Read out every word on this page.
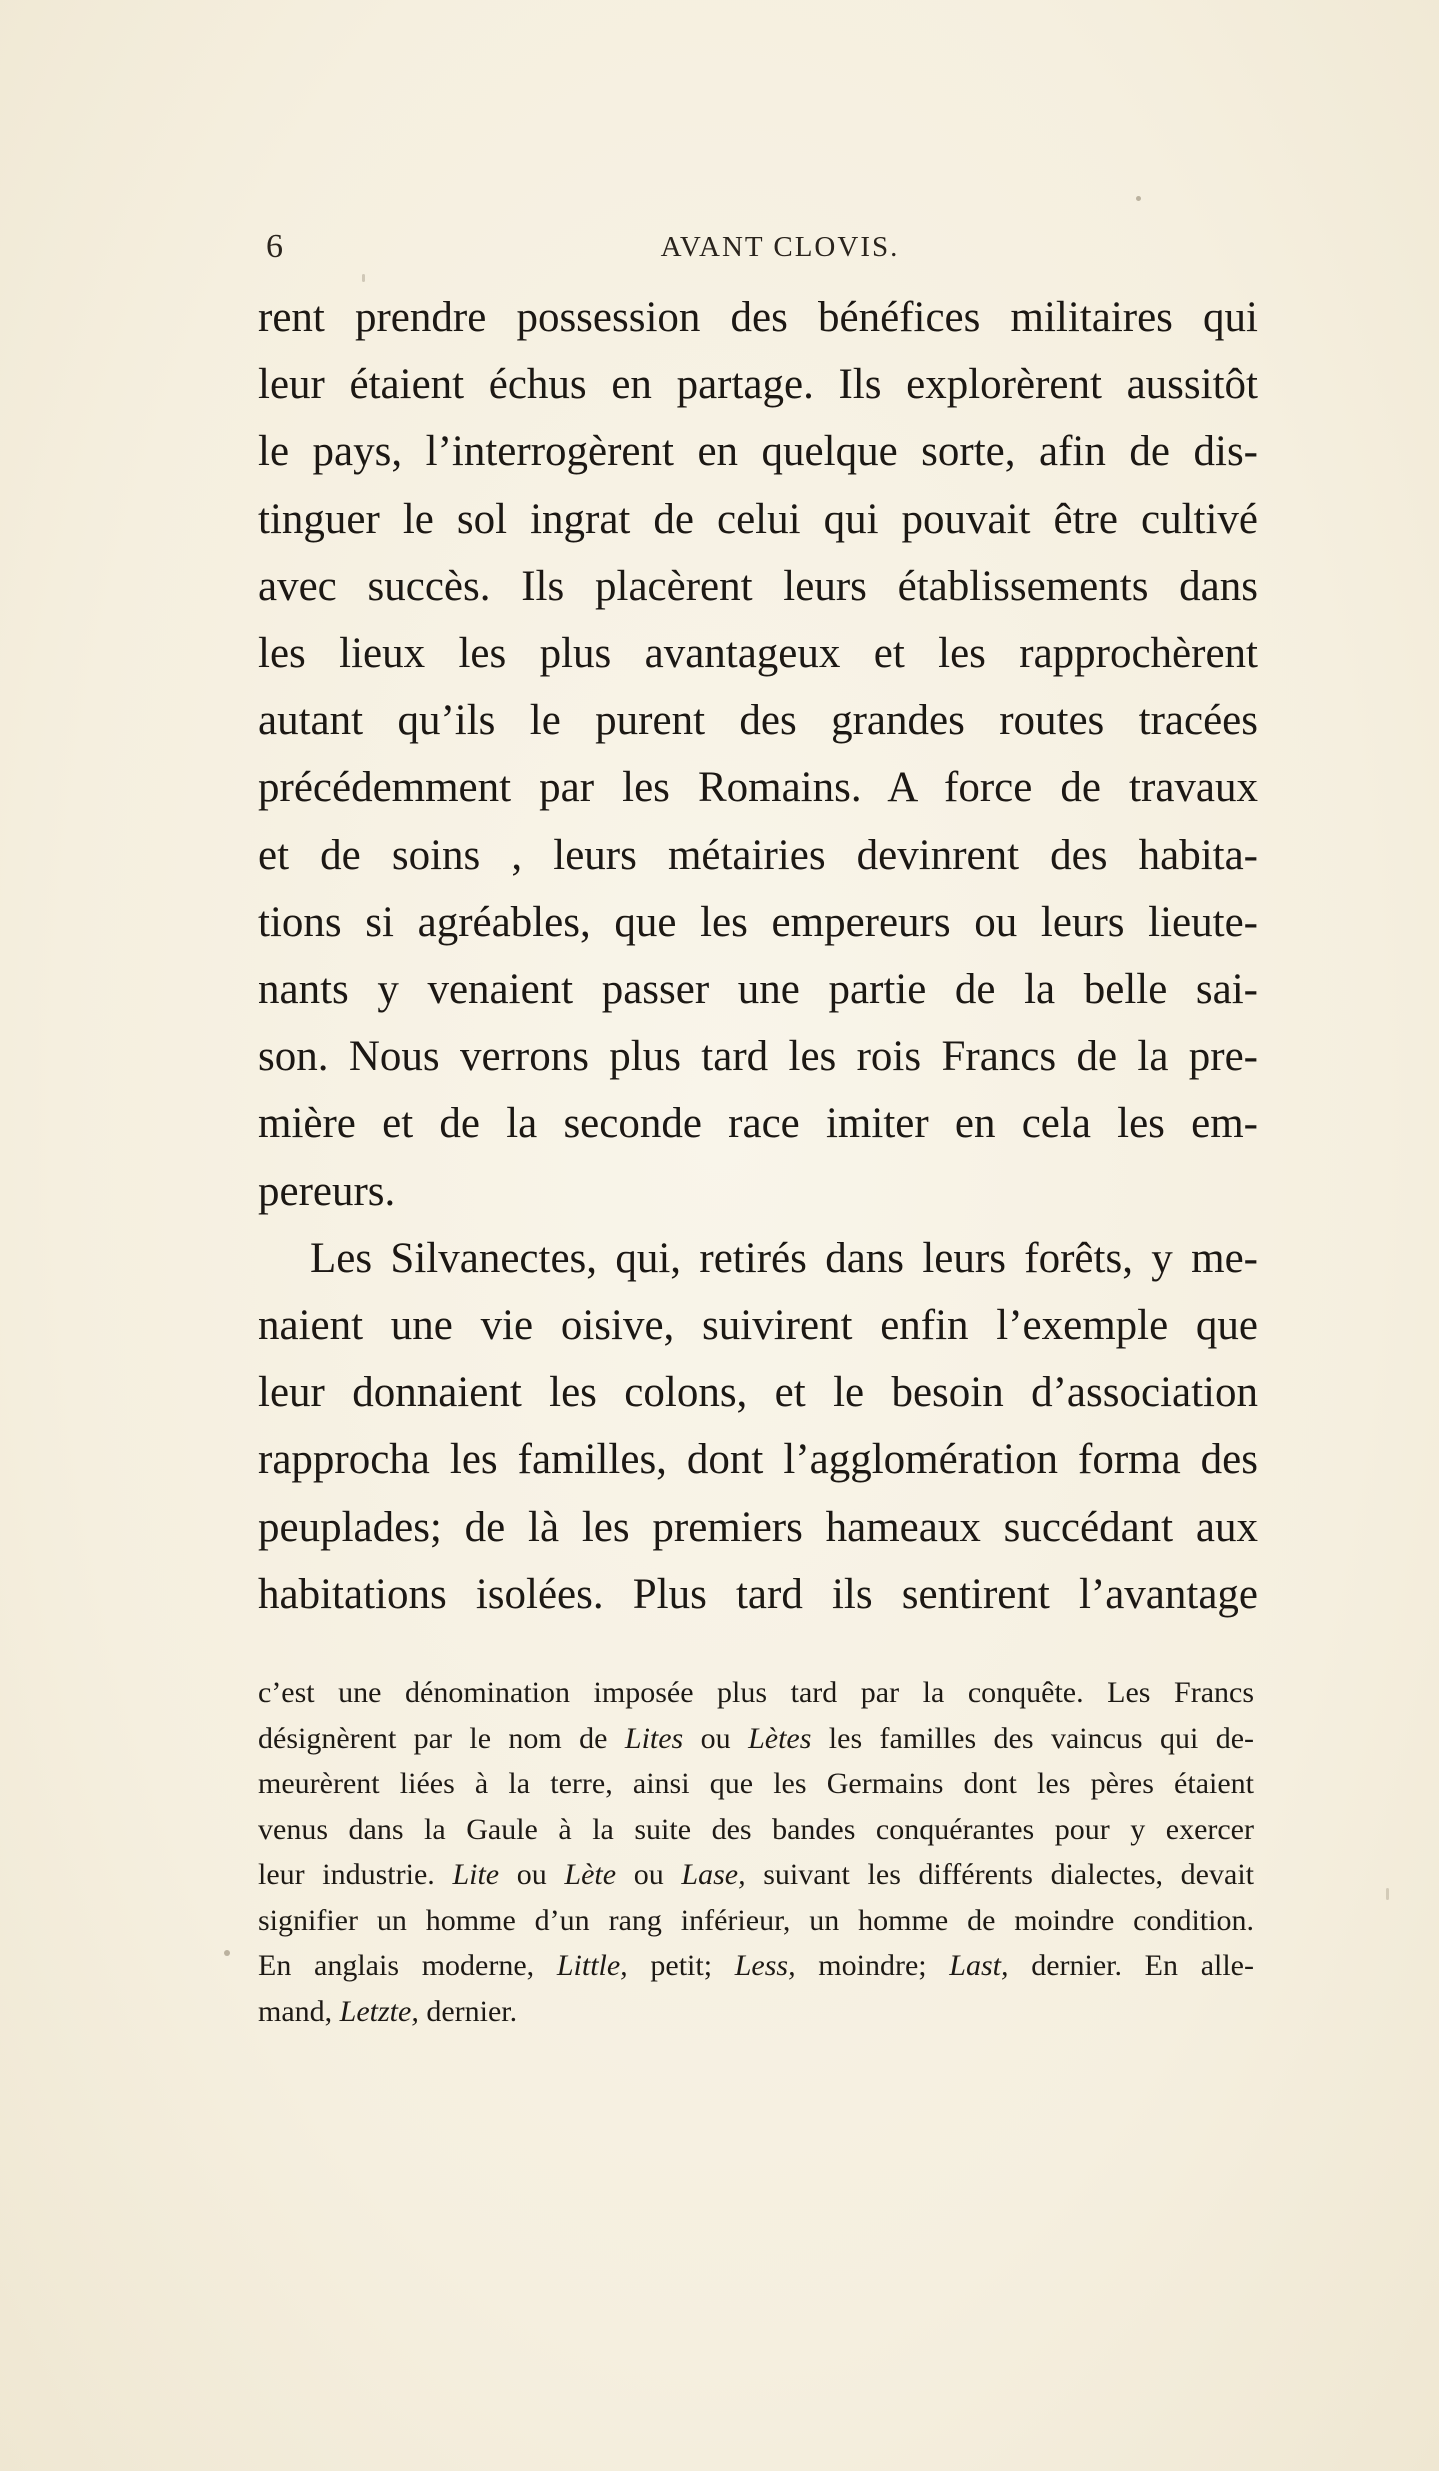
6	AVANT CLOVIS.

rent prendre possession des bénéfices militaires qui
leur étaient échus en partage. Ils explorèrent aussitôt
le pays, l’interrogèrent en quelque sorte, afin de dis-
tinguer le sol ingrat de celui qui pouvait être cultivé
avec succès. Ils placèrent leurs établissements dans
les lieux les plus avantageux et les rapprochèrent
autant qu’ils le purent des grandes routes tracées
précédemment par les Romains. A force de travaux
et de soins , leurs métairies devinrent des habita-
tions si agréables, que les empereurs ou leurs lieute-
nants y venaient passer une partie de la belle sai-
son. Nous verrons plus tard les rois Francs de la pre-
mière et de la seconde race imiter en cela les em-
pereurs.

Les Silvanectes, qui, retirés dans leurs forêts, y me-
naient une vie oisive, suivirent enfin l’exemple que
leur donnaient les colons, et le besoin d’association
rapprocha les familles, dont l’agglomération forma des
peuplades; de là les premiers hameaux succédant aux
habitations isolées. Plus tard ils sentirent l’avantage

c’est une dénomination imposée plus tard par la conquête. Les Francs
désignèrent par le nom de Lites ou Lètes les familles des vaincus qui de-
meurèrent liées à la terre, ainsi que les Germains dont les pères étaient
venus dans la Gaule à la suite des bandes conquérantes pour y exercer
leur industrie. Lite ou Lète ou Lase, suivant les différents dialectes, devait
signifier un homme d’un rang inférieur, un homme de moindre condition.
En anglais moderne, Little, petit; Less, moindre; Last, dernier. En alle-
mand, Letzte, dernier.
